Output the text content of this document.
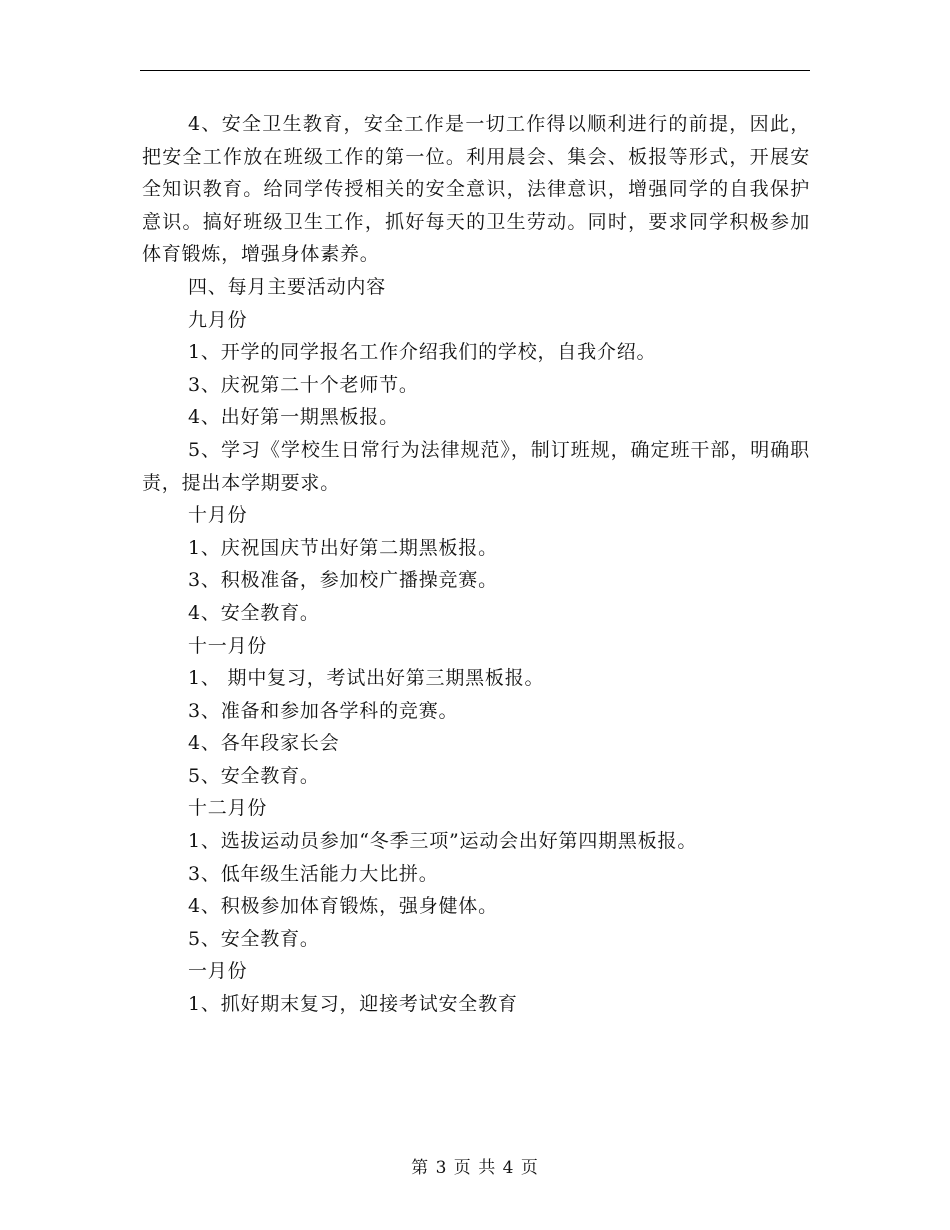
4、安全卫生教育，安全工作是一切工作得以顺利进行的前提，因此，把安全工作放在班级工作的第一位。利用晨会、集会、板报等形式，开展安全知识教育。给同学传授相关的安全意识，法律意识，增强同学的自我保护意识。搞好班级卫生工作，抓好每天的卫生劳动。同时，要求同学积极参加体育锻炼，增强身体素养。

四、每月主要活动内容

九月份

1、开学的同学报名工作介绍我们的学校，自我介绍。

3、庆祝第二十个老师节。

4、出好第一期黑板报。

5、学习《学校生日常行为法律规范》，制订班规，确定班干部，明确职责，提出本学期要求。

十月份

1、庆祝国庆节出好第二期黑板报。

3、积极准备，参加校广播操竞赛。

4、安全教育。

十一月份

1、 期中复习，考试出好第三期黑板报。

3、准备和参加各学科的竞赛。

4、各年段家长会

5、安全教育。

十二月份

1、选拔运动员参加“冬季三项”运动会出好第四期黑板报。

3、低年级生活能力大比拼。

4、积极参加体育锻炼，强身健体。

5、安全教育。

一月份

1、抓好期末复习，迎接考试安全教育

第 3 页 共 4 页
